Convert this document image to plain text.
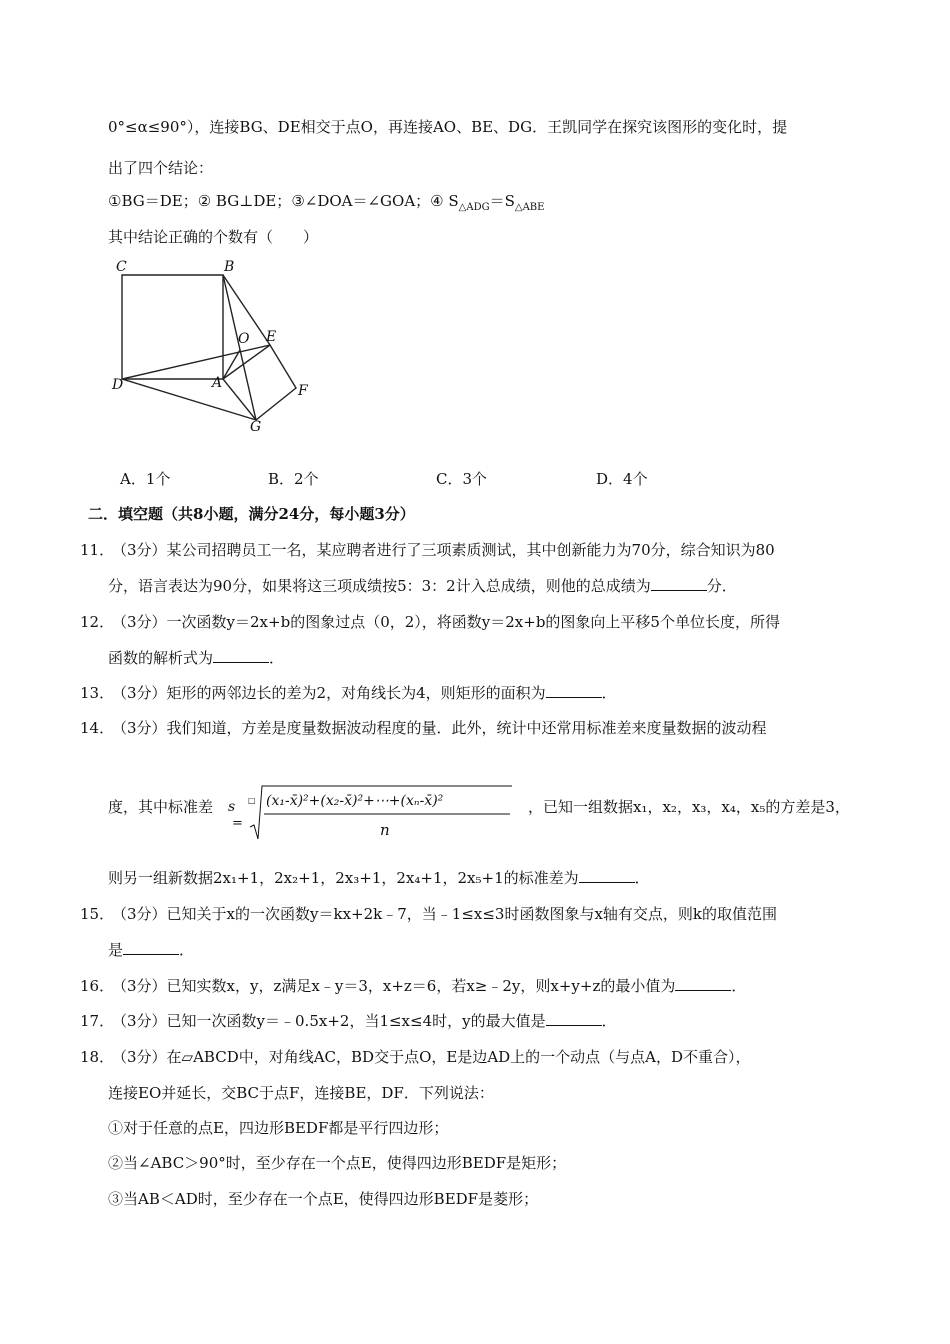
0°≤α≤90°），连接BG、DE相交于点O，再连接AO、BE、DG．王凯同学在探究该图形的变化时，提
出了四个结论：
①BG＝DE；② BG⊥DE；③∠DOA＝∠GOA；④ $S_{\triangle ADG}=S_{\triangle ABE}$
其中结论正确的个数有（　　）
C	B
O E
D	A	F
G
A．1个	B．2个	C．3个	D．4个
二．填空题（共8小题，满分24分，每小题3分）
11．
（3分）某公司招聘员工一名，某应聘者进行了三项素质测试，其中创新能力为70分，综合知识为80
分，语言表达为90分，如果将这三项成绩按5：3：2计入总成绩，则他的总成绩为	分．
12．
（3分）一次函数y＝2x+b的图象过点（0，2），将函数y＝2x+b的图象向上平移5个单位长度，所得
函数的解析式为	．
13．
（3分）矩形的两邻边长的差为2，对角线长为4，则矩形的面积为	．
14．
（3分）我们知道，方差是度量数据波动程度的量．此外，统计中还常用标准差来度量数据的波动程
度，其中标准差 s
=
□ (x₁-x̄)²+(x₂-x̄)²+⋯+(xₙ-x̄)²
n
，已知一组数据x₁，x₂，x₃，x₄，x₅的方差是3，
则另一组新数据2x₁+1，2x₂+1，2x₃+1，2x₄+1，2x₅+1的标准差为	．
15．
（3分）已知关于x的一次函数y＝kx+2k﹣7，当﹣1≤x≤3时函数图象与x轴有交点，则k的取值范围
是	．
16．
（3分）已知实数x，y，z满足x﹣y＝3，x+z＝6，若x≥﹣2y，则x+y+z的最小值为	．
17．
（3分）已知一次函数y＝﹣0.5x+2，当1≤x≤4时，y的最大值是	．
18．
（3分）在▱ABCD中，对角线AC，BD交于点O，E是边AD上的一个动点（与点A，D不重合），
连接EO并延长，交BC于点F，连接BE，DF．下列说法：
①对于任意的点E，四边形BEDF都是平行四边形；
②当∠ABC＞90°时，至少存在一个点E，使得四边形BEDF是矩形；
③当AB＜AD时，至少存在一个点E，使得四边形BEDF是菱形；
